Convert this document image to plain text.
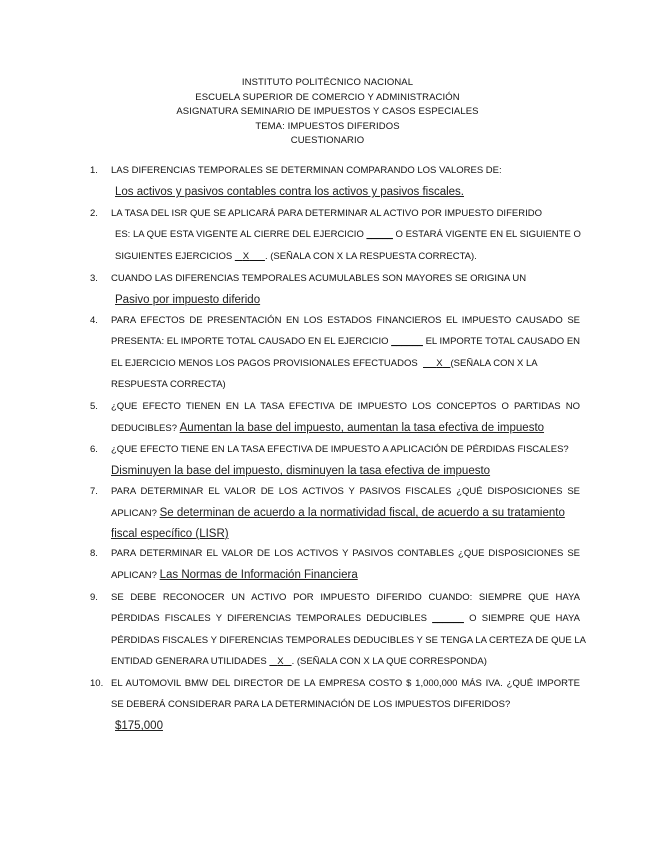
INSTITUTO POLITÉCNICO NACIONAL
ESCUELA SUPERIOR DE COMERCIO Y ADMINISTRACIÓN
ASIGNATURA SEMINARIO DE IMPUESTOS Y CASOS ESPECIALES
TEMA: IMPUESTOS DIFERIDOS
CUESTIONARIO
1.	LAS DIFERENCIAS TEMPORALES SE DETERMINAN COMPARANDO LOS VALORES DE:
Los activos y pasivos contables contra los activos y pasivos fiscales.
2.	LA TASA DEL ISR QUE SE APLICARÁ PARA DETERMINAR AL ACTIVO POR IMPUESTO DIFERIDO
ES: LA QUE ESTA VIGENTE AL CIERRE DEL EJERCICIO _____ O ESTARÁ VIGENTE EN EL SIGUIENTE O
SIGUIENTES EJERCICIOS X . (SEÑALA CON X LA RESPUESTA CORRECTA).
3.	CUANDO LAS DIFERENCIAS TEMPORALES ACUMULABLES SON MAYORES SE ORIGINA UN
Pasivo por impuesto diferido
4.	PARA EFECTOS DE PRESENTACIÓN EN LOS ESTADOS FINANCIEROS EL IMPUESTO CAUSADO SE
PRESENTA: EL IMPORTE TOTAL CAUSADO EN EL EJERCICIO ______ EL IMPORTE TOTAL CAUSADO EN
EL EJERCICIO MENOS LOS PAGOS PROVISIONALES EFECTUADOS X (SEÑALA CON X LA
RESPUESTA CORRECTA)
5.	¿QUE EFECTO TIENEN EN LA TASA EFECTIVA DE IMPUESTO LOS CONCEPTOS O PARTIDAS NO
DEDUCIBLES? Aumentan la base del impuesto, aumentan la tasa efectiva de impuesto
6.	¿QUE EFECTO TIENE EN LA TASA EFECTIVA DE IMPUESTO A APLICACIÓN DE PÉRDIDAS FISCALES?
Disminuyen la base del impuesto, disminuyen la tasa efectiva de impuesto
7.	PARA DETERMINAR EL VALOR DE LOS ACTIVOS Y PASIVOS FISCALES ¿QUÉ DISPOSICIONES SE
APLICAN? Se determinan de acuerdo a la normatividad fiscal, de acuerdo a su tratamiento
fiscal específico (LISR)
8.	PARA DETERMINAR EL VALOR DE LOS ACTIVOS Y PASIVOS CONTABLES ¿QUE DISPOSICIONES SE
APLICAN? Las Normas de Información Financiera
9.	SE DEBE RECONOCER UN ACTIVO POR IMPUESTO DIFERIDO CUANDO: SIEMPRE QUE HAYA
PÉRDIDAS FISCALES Y DIFERENCIAS TEMPORALES DEDUCIBLES ______ O SIEMPRE QUE HAYA
PÉRDIDAS FISCALES Y DIFERENCIAS TEMPORALES DEDUCIBLES Y SE TENGA LA CERTEZA DE QUE LA
ENTIDAD GENERARA UTILIDADES X . (SEÑALA CON X LA QUE CORRESPONDA)
10. EL AUTOMOVIL BMW DEL DIRECTOR DE LA EMPRESA COSTO $ 1,000,000 MÁS IVA. ¿QUÉ IMPORTE
SE DEBERÁ CONSIDERAR PARA LA DETERMINACIÓN DE LOS IMPUESTOS DIFERIDOS?
$175,000
